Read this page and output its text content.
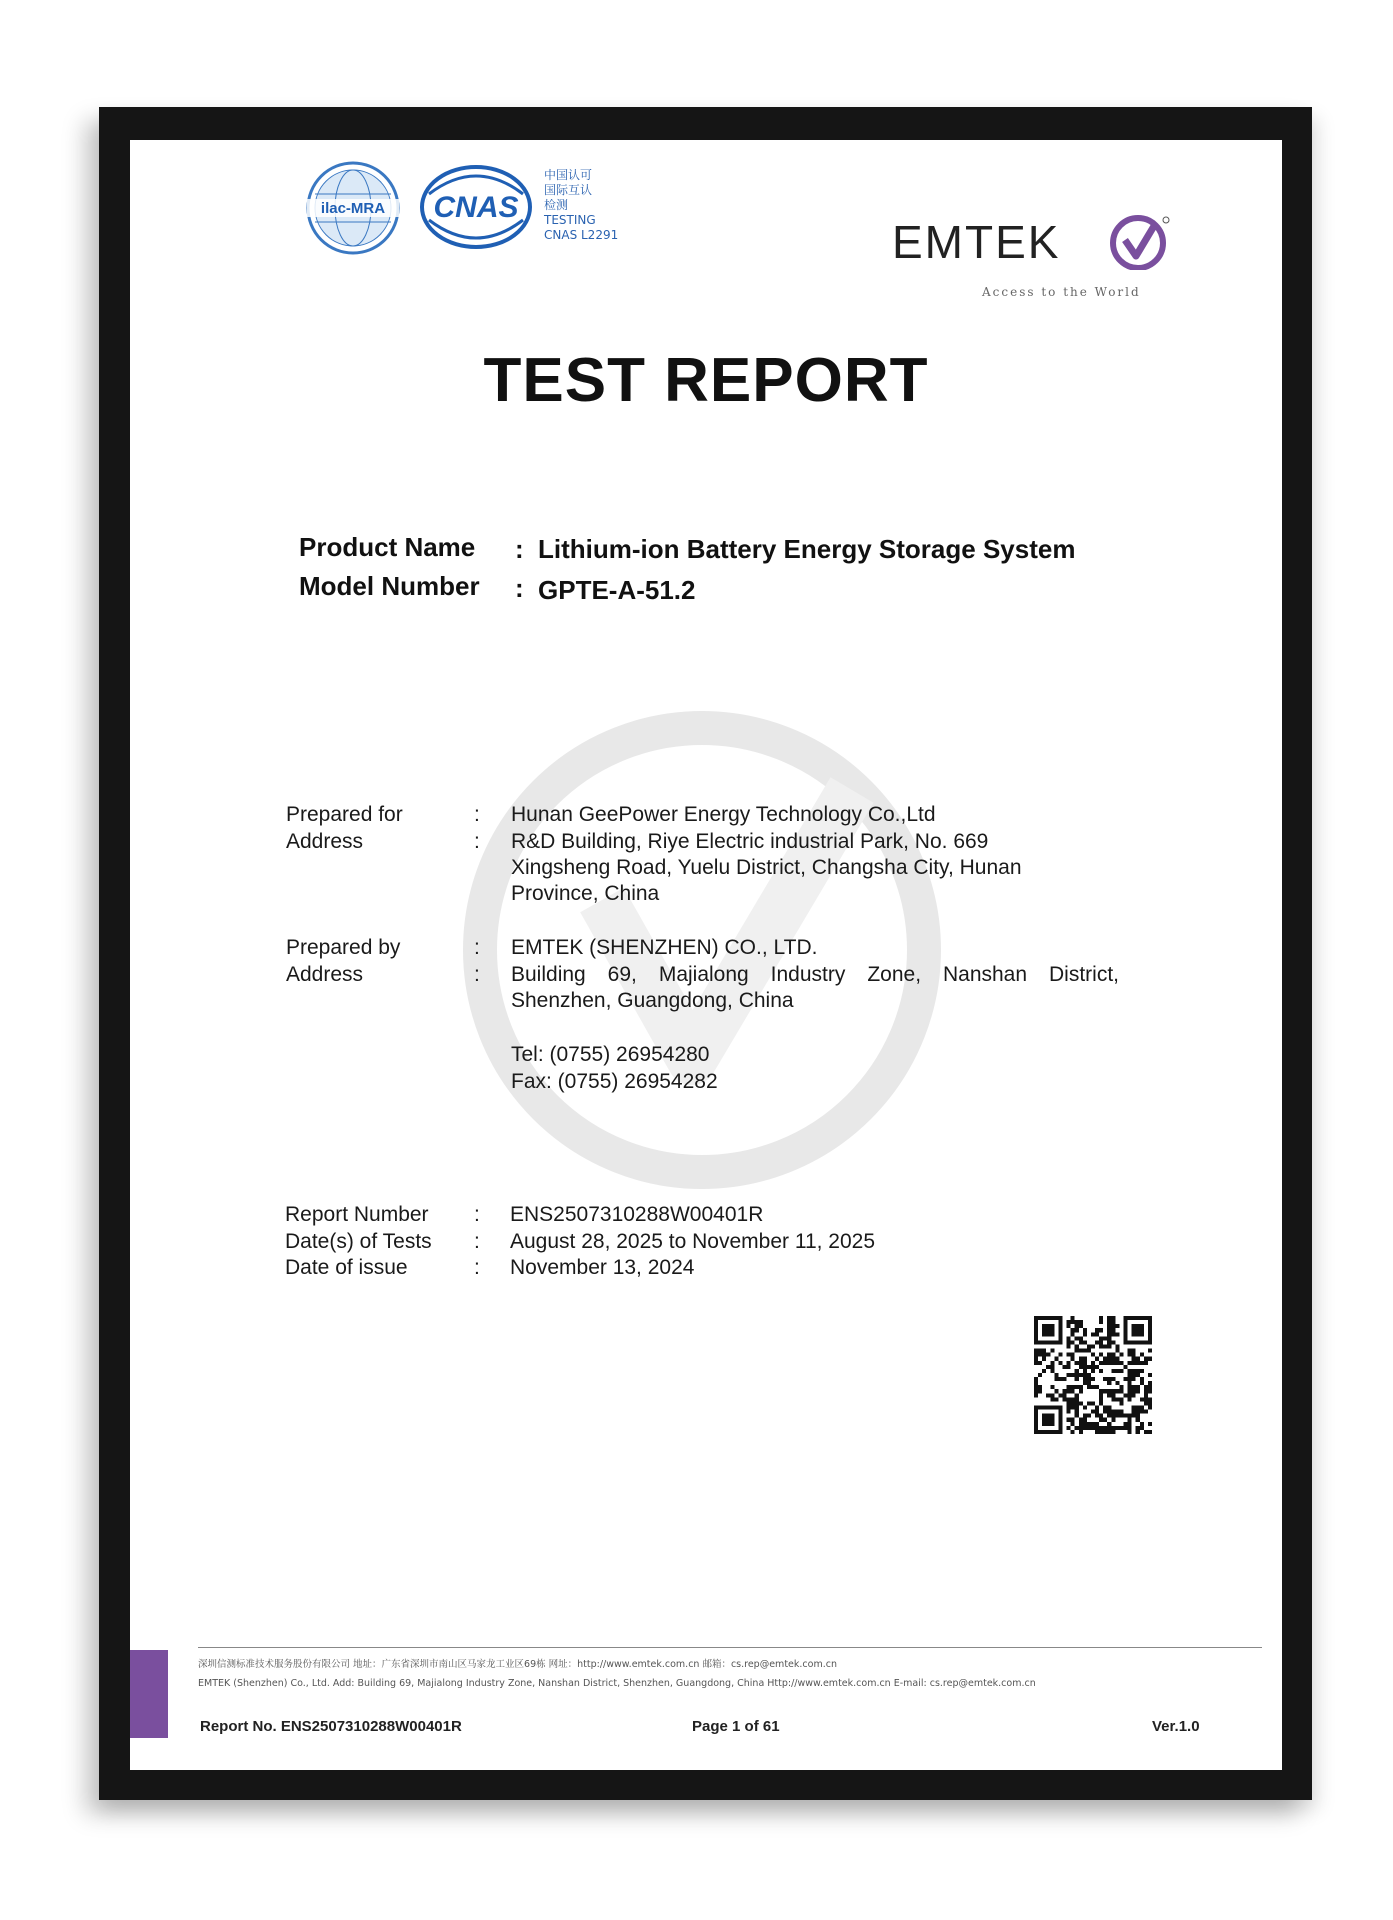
ilac-MRA CNAS
中国认可
国际互认
检测
TESTING
CNAS L2291	EMTEK
Access to the World
TEST REPORT
Product Name : Lithium-ion Battery Energy Storage System
Model Number : GPTE-A-51.2
Prepared for	: Hunan GeePower Energy Technology Co.,Ltd
Address	: R&D Building, Riye Electric industrial Park, No. 669
Xingsheng Road, Yuelu District, Changsha City, Hunan
Province, China
Prepared by	: EMTEK (SHENZHEN) CO., LTD.
Address	: Building 69, Majialong Industry Zone, Nanshan District,
Shenzhen, Guangdong, China
Tel: (0755) 26954280
Fax: (0755) 26954282
Report Number : ENS2507310288W00401R
Date(s) of Tests : August 28, 2025 to November 11, 2025
Date of issue	: November 13, 2024
深圳信测标准技术服务股份有限公司 地址：广东省深圳市南山区马家龙工业区69栋 网址：http://www.emtek.com.cn 邮箱：cs.rep@emtek.com.cn
EMTEK (Shenzhen) Co., Ltd. Add: Building 69, Majialong Industry Zone, Nanshan District, Shenzhen, Guangdong, China Http://www.emtek.com.cn E-mail: cs.rep@emtek.com.cn
Report No. ENS2507310288W00401R	Page 1 of 61	Ver.1.0
